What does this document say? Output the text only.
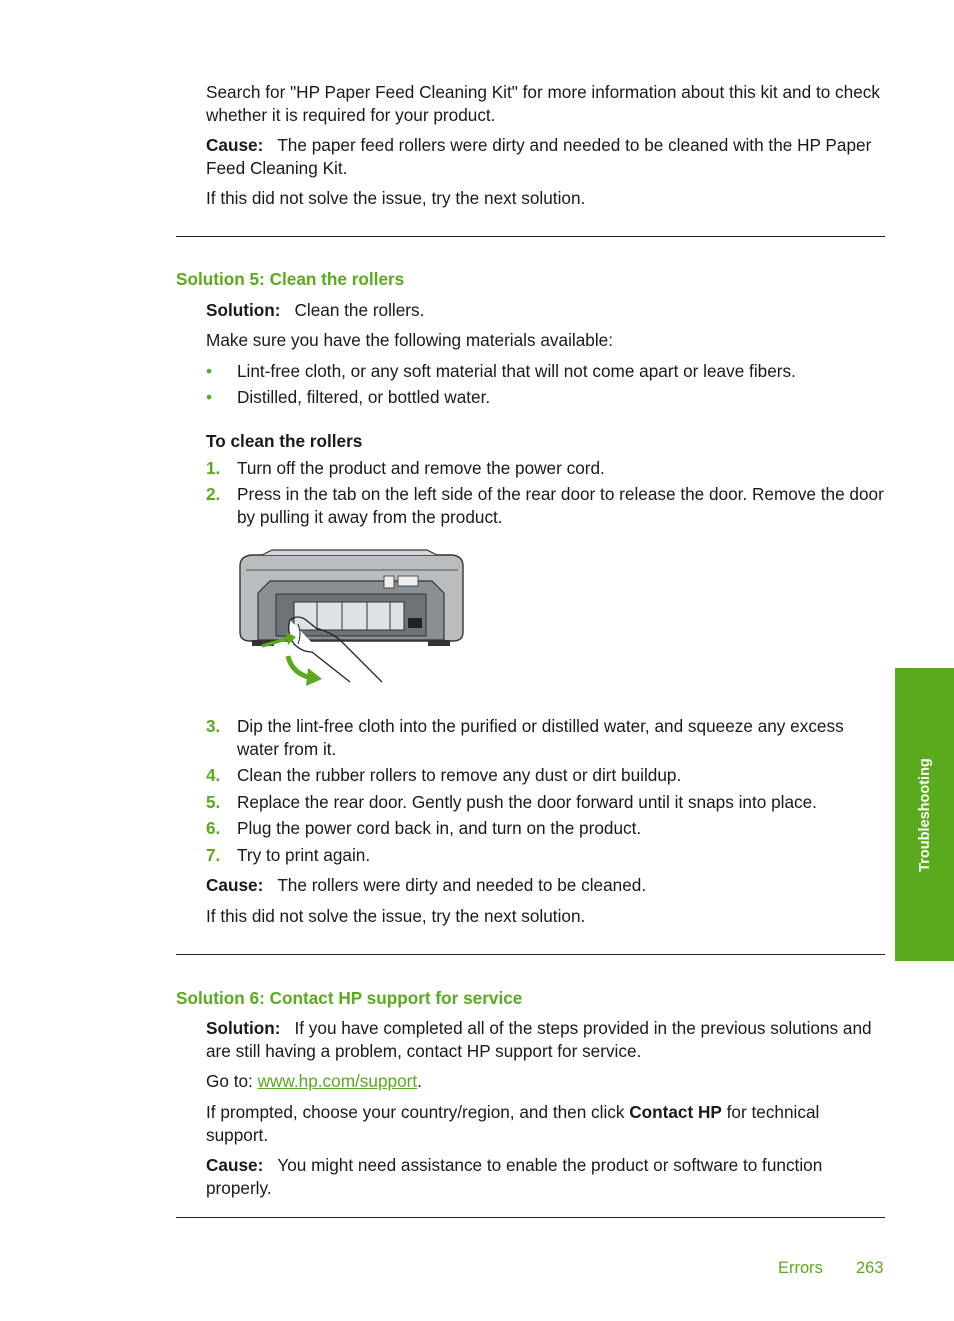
Search for "HP Paper Feed Cleaning Kit" for more information about this kit and to check whether it is required for your product.

Cause: The paper feed rollers were dirty and needed to be cleaned with the HP Paper Feed Cleaning Kit.

If this did not solve the issue, try the next solution.

Solution 5: Clean the rollers

Solution: Clean the rollers.

Make sure you have the following materials available:

• Lint-free cloth, or any soft material that will not come apart or leave fibers.
• Distilled, filtered, or bottled water.

To clean the rollers

1. Turn off the product and remove the power cord.
2. Press in the tab on the left side of the rear door to release the door. Remove the door by pulling it away from the product.
3. Dip the lint-free cloth into the purified or distilled water, and squeeze any excess water from it.
4. Clean the rubber rollers to remove any dust or dirt buildup.
5. Replace the rear door. Gently push the door forward until it snaps into place.
6. Plug the power cord back in, and turn on the product.
7. Try to print again.

Cause: The rollers were dirty and needed to be cleaned.

If this did not solve the issue, try the next solution.

Solution 6: Contact HP support for service

Solution: If you have completed all of the steps provided in the previous solutions and are still having a problem, contact HP support for service.

Go to: www.hp.com/support.

If prompted, choose your country/region, and then click Contact HP for technical support.

Cause: You might need assistance to enable the product or software to function properly.

Troubleshooting
Errors 263
